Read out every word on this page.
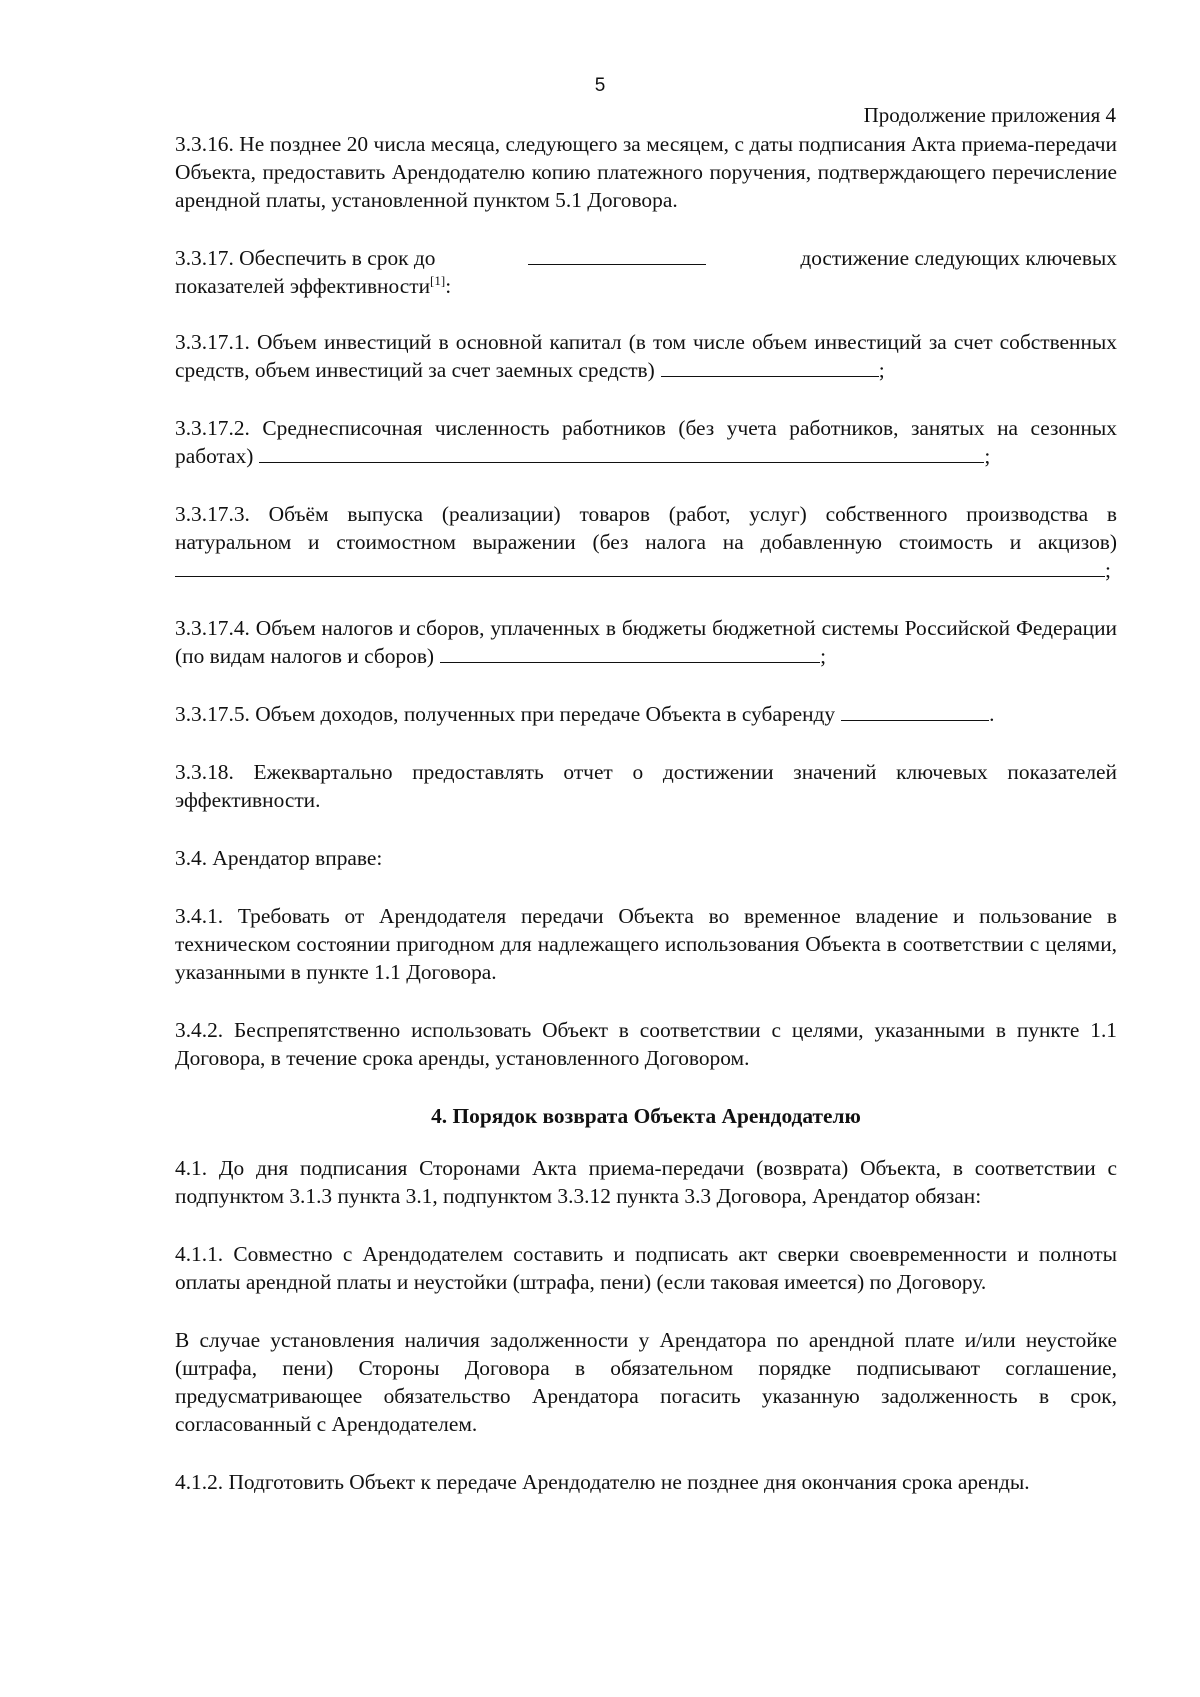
5
Продолжение приложения 4

3.3.16. Не позднее 20 числа месяца, следующего за месяцем, с даты подписания Акта приема-передачи Объекта, предоставить Арендодателю копию платежного поручения, подтверждающего перечисление арендной платы, установленной пунктом 5.1 Договора.

3.3.17. Обеспечить в срок до	достижение следующих ключевых
показателей эффективности[1]:

3.3.17.1. Объем инвестиций в основной капитал (в том числе объем инвестиций за счет собственных средств, объем инвестиций за счет заемных средств)	;

3.3.17.2. Среднесписочная численность работников (без учета работников, занятых на сезонных работах)	;

3.3.17.3. Объём выпуска (реализации) товаров (работ, услуг) собственного производства в натуральном и стоимостном выражении (без налога на добавленную стоимость и акцизов) ;

3.3.17.4. Объем налогов и сборов, уплаченных в бюджеты бюджетной системы Российской Федерации (по видам налогов и сборов)	;

3.3.17.5. Объем доходов, полученных при передаче Объекта в субаренду	.

3.3.18. Ежеквартально предоставлять отчет о достижении значений ключевых показателей эффективности.

3.4. Арендатор вправе:

3.4.1. Требовать от Арендодателя передачи Объекта во временное владение и пользование в техническом состоянии пригодном для надлежащего использования Объекта в соответствии с целями, указанными в пункте 1.1 Договора.

3.4.2. Беспрепятственно использовать Объект в соответствии с целями, указанными в пункте 1.1 Договора, в течение срока аренды, установленного Договором.

4. Порядок возврата Объекта Арендодателю

4.1. До дня подписания Сторонами Акта приема-передачи (возврата) Объекта, в соответствии с подпунктом 3.1.3 пункта 3.1, подпунктом 3.3.12 пункта 3.3 Договора, Арендатор обязан:

4.1.1. Совместно с Арендодателем составить и подписать акт сверки своевременности и полноты оплаты арендной платы и неустойки (штрафа, пени) (если таковая имеется) по Договору.

В случае установления наличия задолженности у Арендатора по арендной плате и/или неустойке (штрафа, пени) Стороны Договора в обязательном порядке подписывают соглашение, предусматривающее обязательство Арендатора погасить указанную задолженность в срок, согласованный с Арендодателем.

4.1.2. Подготовить Объект к передаче Арендодателю не позднее дня окончания срока аренды.
